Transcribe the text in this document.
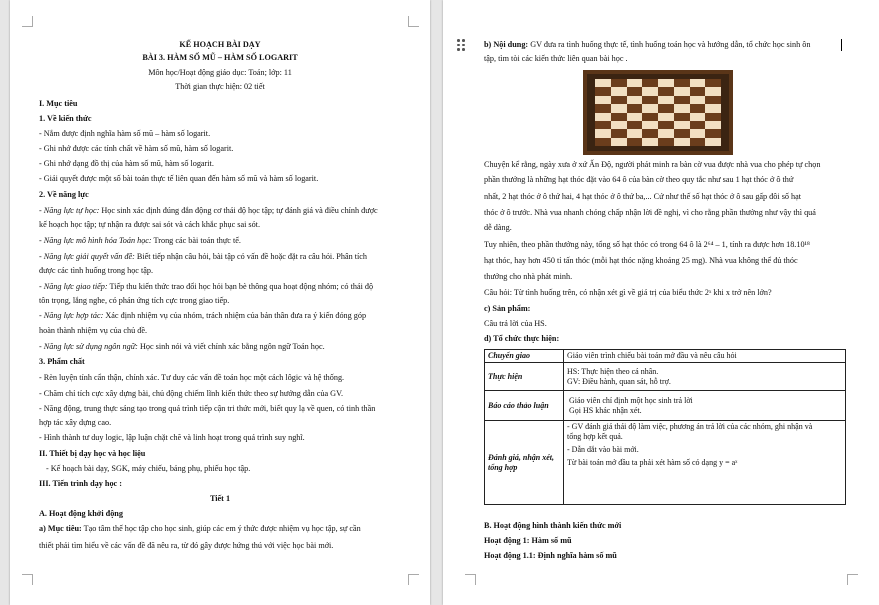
KẾ HOẠCH BÀI DẠY
BÀI 3. HÀM SỐ MŨ – HÀM SỐ LOGARIT
Môn học/Hoạt động giáo dục: Toán; lớp: 11
Thời gian thực hiện: 02 tiết
I. Mục tiêu
1. Về kiến thức
- Nắm được định nghĩa hàm số mũ – hàm số logarit.
- Ghi nhớ được các tính chất về hàm số mũ, hàm số logarit.
- Ghi nhớ dạng đồ thị của hàm số mũ, hàm số logarit.
- Giải quyết được một số bài toán thực tế liên quan đến hàm số mũ và hàm số logarit.
2. Về năng lực
- Năng lực tự học: Học sinh xác định đúng đắn động cơ thái độ học tập; tự đánh giá và điều chỉnh được
kế hoạch học tập; tự nhận ra được sai sót và cách khắc phục sai sót.
- Năng lực mô hình hóa Toán học: Trong các bài toán thực tế.
- Năng lực giải quyết vấn đề: Biết tiếp nhận câu hỏi, bài tập có vấn đề hoặc đặt ra câu hỏi. Phân tích
được các tình huống trong học tập.
- Năng lực giao tiếp: Tiếp thu kiến thức trao đổi học hỏi bạn bè thông qua hoạt động nhóm; có thái độ
tôn trọng, lắng nghe, có phản ứng tích cực trong giao tiếp.
- Năng lực hợp tác: Xác định nhiệm vụ của nhóm, trách nhiệm của bản thân đưa ra ý kiến đóng góp
hoàn thành nhiệm vụ của chủ đề.
- Năng lực sử dụng ngôn ngữ: Học sinh nói và viết chính xác bằng ngôn ngữ Toán học.
3. Phẩm chất
- Rèn luyện tính cẩn thận, chính xác. Tư duy các vấn đề toán học một cách lôgic và hệ thống.
- Chăm chỉ tích cực xây dựng bài, chủ động chiếm lĩnh kiến thức theo sự hướng dẫn của GV.
- Năng động, trung thực sáng tạo trong quá trình tiếp cận tri thức mới, biết quy lạ về quen, có tinh thần
hợp tác xây dựng cao.
- Hình thành tư duy logic, lập luận chặt chẽ và linh hoạt trong quá trình suy nghĩ.
II. Thiết bị dạy học và học liệu
- Kế hoạch bài dạy, SGK, máy chiếu, bảng phụ, phiếu học tập.
III. Tiến trình dạy học :
Tiết 1
A. Hoạt động khởi động
a) Mục tiêu: Tạo tâm thế học tập cho học sinh, giúp các em ý thức được nhiệm vụ học tập, sự cần
thiết phải tìm hiểu về các vấn đề đã nêu ra, từ đó gây được hứng thú với việc học bài mới.
b) Nội dung: GV đưa ra tình huống thực tế, tình huống toán học và hướng dẫn, tổ chức học sinh ôn
tập, tìm tòi các kiến thức liên quan bài học .
Chuyện kể rằng, ngày xưa ở xứ Ấn Độ, người phát minh ra bàn cờ vua được nhà vua cho phép tự chọn
phần thưởng là những hạt thóc đặt vào 64 ô của bàn cờ theo quy tắc như sau 1 hạt thóc ở ô thứ
nhất, 2 hạt thóc ở ô thứ hai, 4 hạt thóc ở ô thứ ba,... Cứ như thế số hạt thóc ở ô sau gấp đôi số hạt
thóc ở ô trước. Nhà vua nhanh chóng chấp nhận lời đề nghị, vì cho rằng phần thưởng như vậy thì quá
dễ dàng.
Tuy nhiên, theo phần thưởng này, tổng số hạt thóc có trong 64 ô là 2⁶⁴ – 1, tính ra được hơn 18.10¹⁸
hạt thóc, hay hơn 450 tỉ tấn thóc (mỗi hạt thóc nặng khoảng 25 mg). Nhà vua không thể đủ thóc
thưởng cho nhà phát minh.
Câu hỏi: Từ tình huống trên, có nhận xét gì về giá trị của biểu thức 2ˣ khi x trở nên lớn?
c) Sản phẩm:
Câu trả lời của HS.
d) Tổ chức thực hiện:
Chuyển giao	Giáo viên trình chiếu bài toán mở đầu và nêu câu hỏi

Thực hiện	HS: Thực hiện theo cá nhân.
GV: Điều hành, quan sát, hỗ trợ.

Báo cáo thảo luận	Giáo viên chỉ định một học sinh trả lời
Gọi HS khác nhận xét.

Đánh giá, nhận xét, tổng hợp	- GV đánh giá thái độ làm việc, phương án trả lời của các nhóm, ghi nhận và
tổng hợp kết quả.
- Dẫn dắt vào bài mới.
Từ bài toán mở đầu ta phải xét hàm số có dạng y = aˣ
B. Hoạt động hình thành kiến thức mới
Hoạt động 1: Hàm số mũ
Hoạt động 1.1: Định nghĩa hàm số mũ
